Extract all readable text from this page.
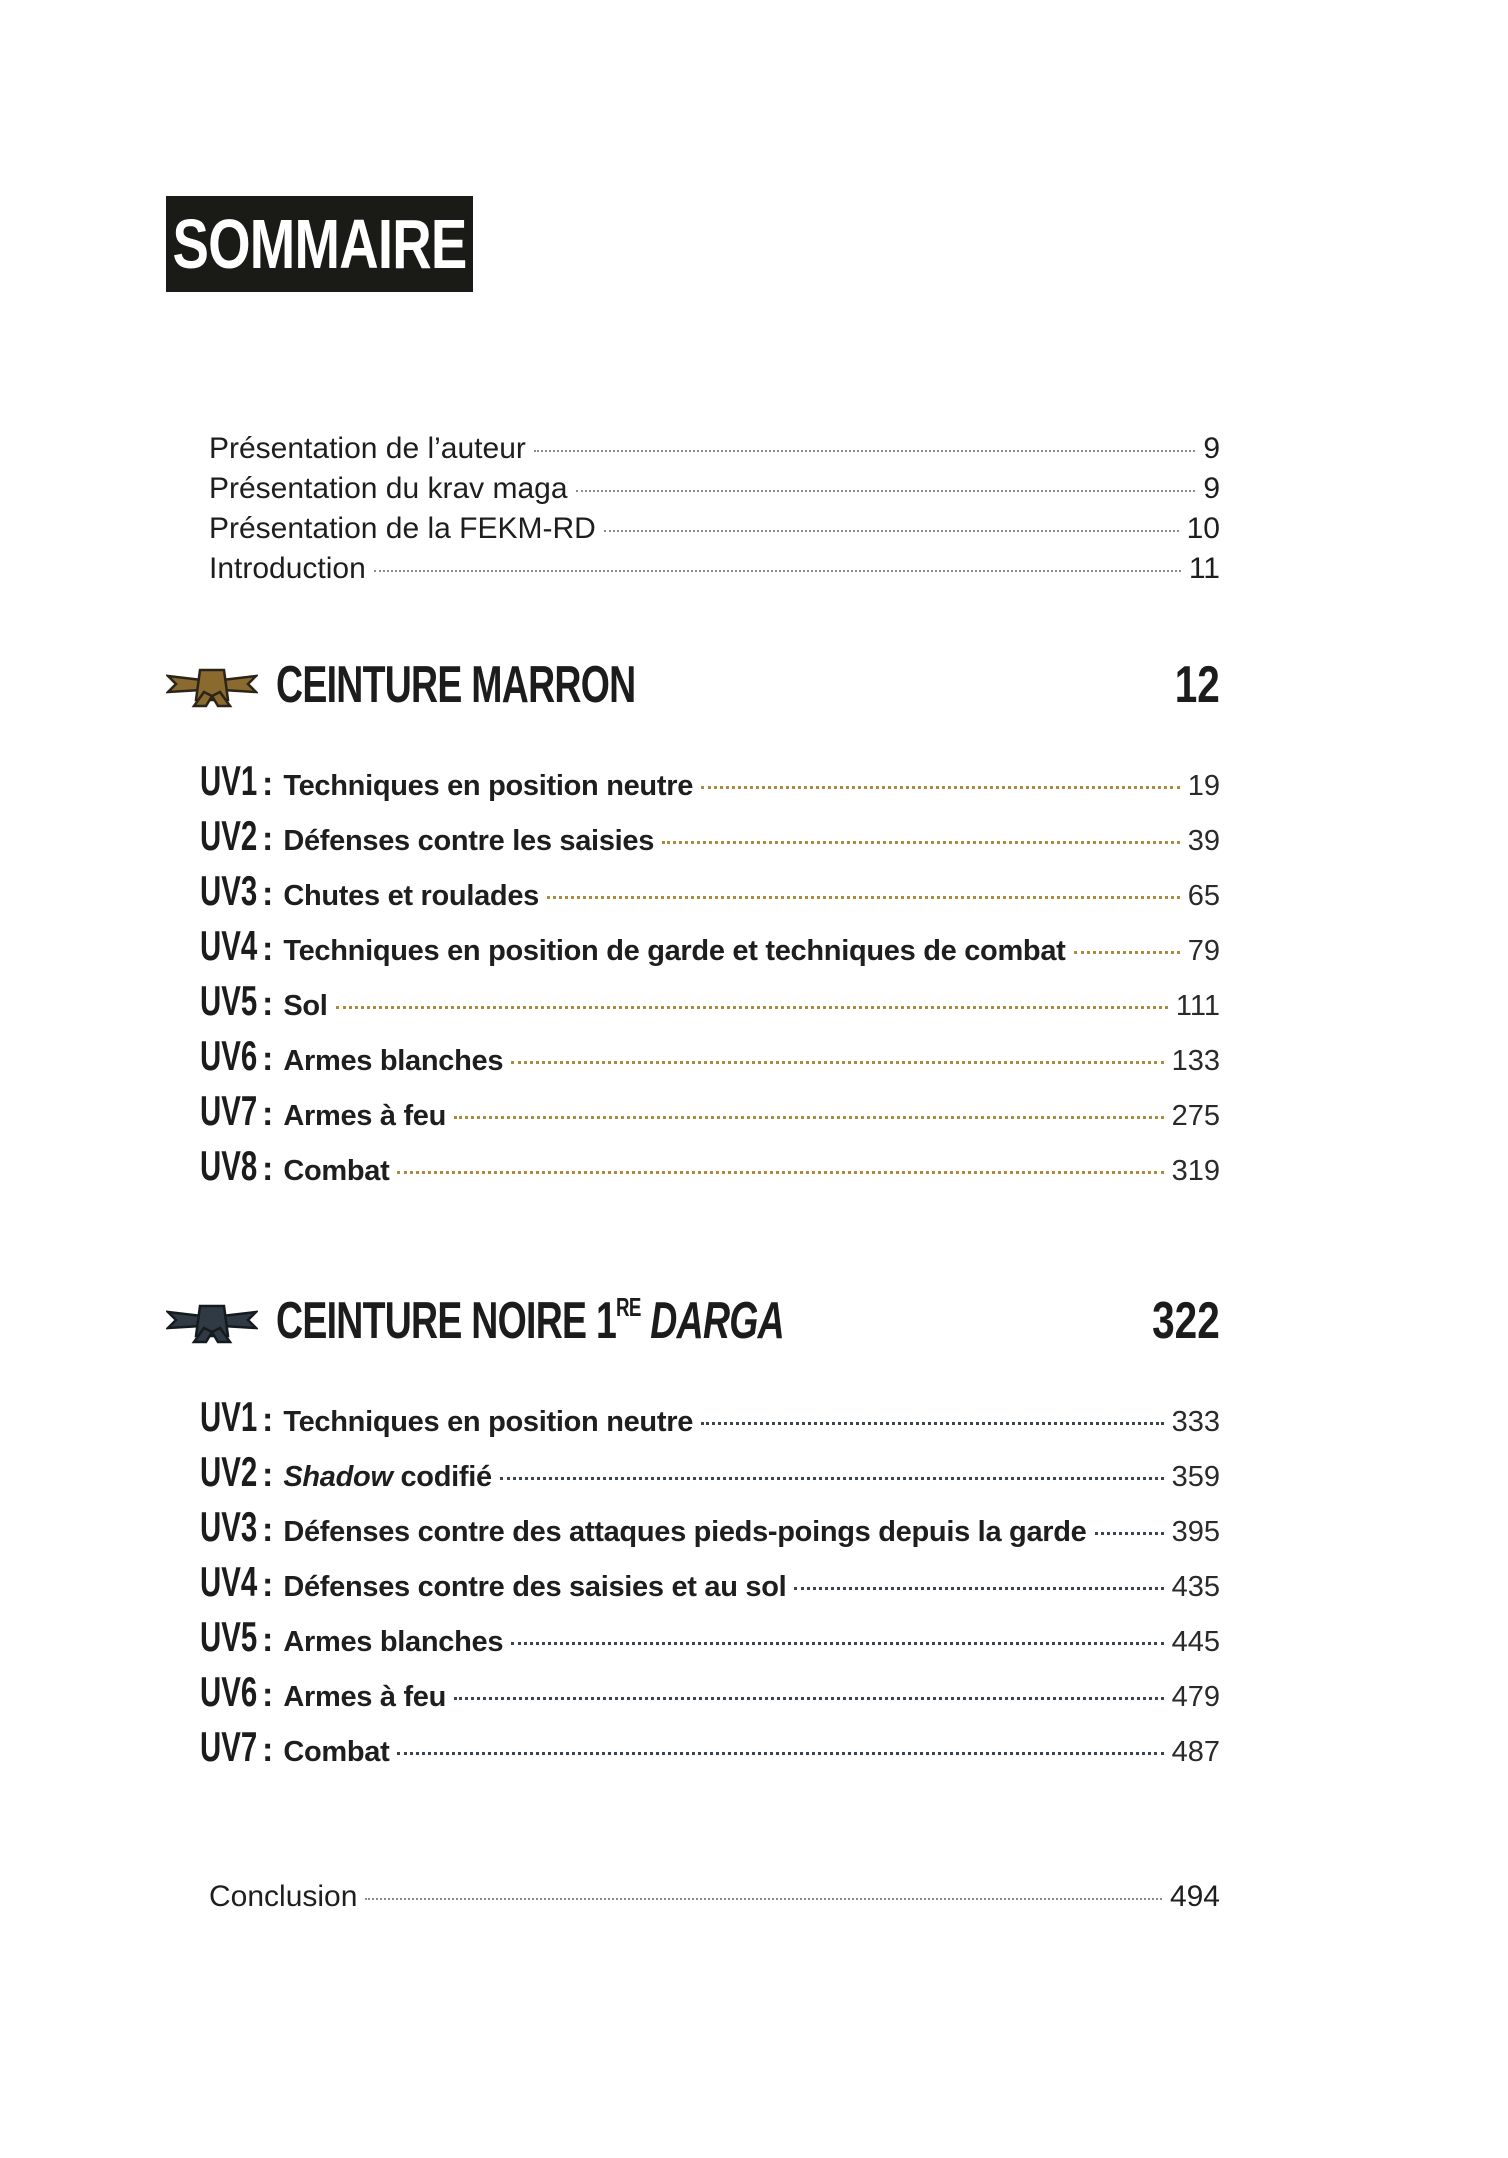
SOMMAIRE
Présentation de l’auteur	9
Présentation du krav maga	9
Présentation de la FEKM-RD	10
Introduction	11
CEINTURE MARRON	12
UV1 : Techniques en position neutre	19
UV2 : Défenses contre les saisies	39
UV3 : Chutes et roulades	65
UV4 : Techniques en position de garde et techniques de combat	79
UV5 : Sol	111
UV6 : Armes blanches	133
UV7 : Armes à feu	275
UV8 : Combat	319
CEINTURE NOIRE 1RE DARGA	322
UV1 : Techniques en position neutre	333
UV2 : Shadow codifié	359
UV3 : Défenses contre des attaques pieds-poings depuis la garde	395
UV4 : Défenses contre des saisies et au sol	435
UV5 : Armes blanches	445
UV6 : Armes à feu	479
UV7 : Combat	487
Conclusion	494
